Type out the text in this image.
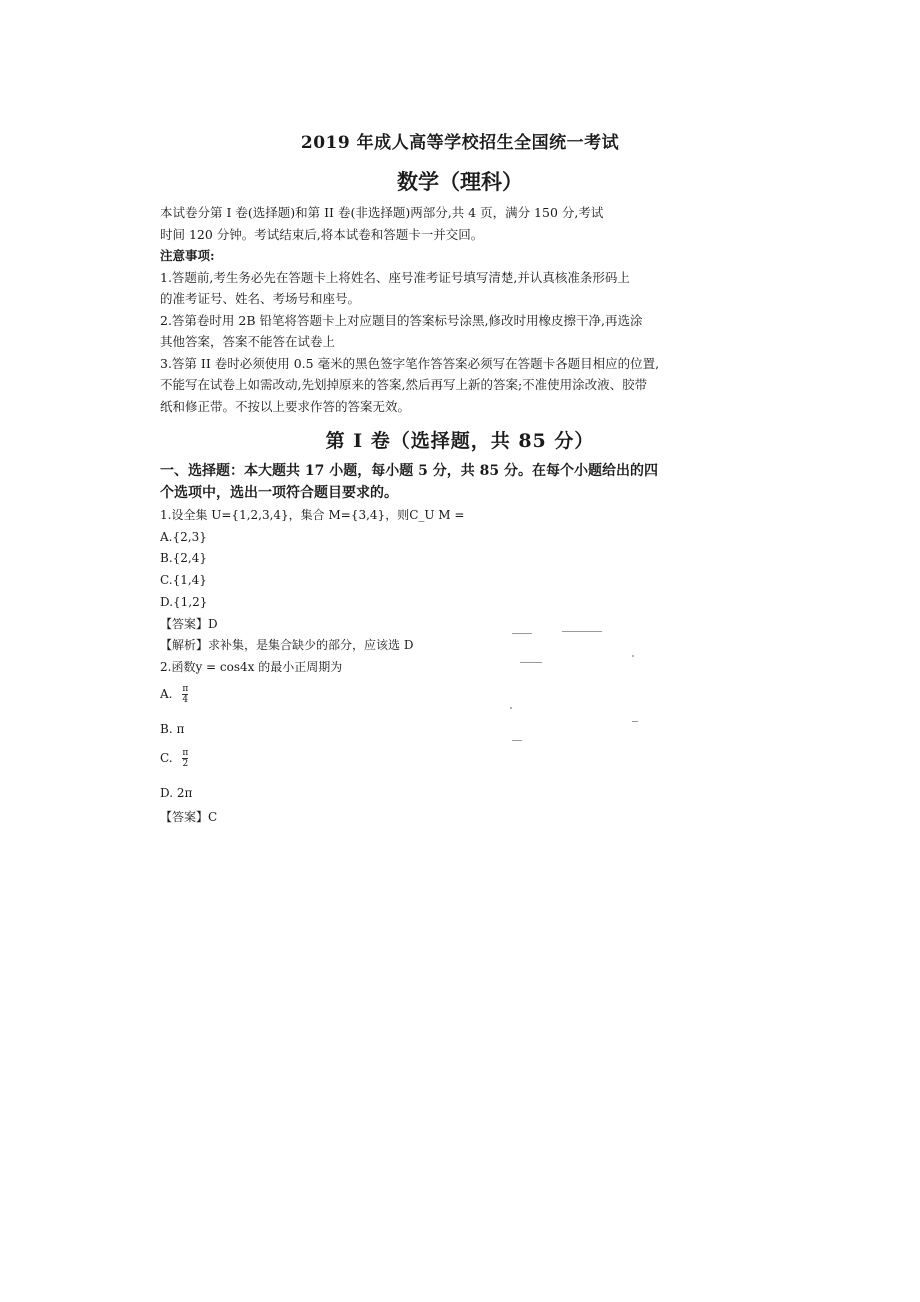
2019 年成人高等学校招生全国统一考试
数学（理科）
本试卷分第 I 卷(选择题)和第 II 卷(非选择题)两部分,共 4 页，满分 150 分,考试
时间 120 分钟。考试结束后,将本试卷和答题卡一并交回。
注意事项:
1.答题前,考生务必先在答题卡上将姓名、座号准考证号填写清楚,并认真核准条形码上
的准考证号、姓名、考场号和座号。
2.答第卷时用 2B 铅笔将答题卡上对应题目的答案标号涂黑,修改时用橡皮擦干净,再选涂
其他答案，答案不能答在试卷上
3.答第 II 卷时必须使用 0.5 毫米的黑色签字笔作答答案必须写在答题卡各题目相应的位置,
不能写在试卷上如需改动,先划掉原来的答案,然后再写上新的答案;不准使用涂改液、胶带
纸和修正带。不按以上要求作答的答案无效。
第 I 卷（选择题，共 85 分）
一、选择题：本大题共 17 小题，每小题 5 分，共 85 分。在每个小题给出的四
个选项中，选出一项符合题目要求的。
1.设全集 U={1,2,3,4}，集合 M={3,4}，则C_U M =
A.{2,3}
B.{2,4}
C.{1,4}
D.{1,2}
【答案】D
【解析】求补集，是集合缺少的部分，应该选 D
2.函数y = cos4x 的最小正周期为
A. $\frac{\pi}{4}$
B. π
C. $\frac{\pi}{2}$
D. 2π
【答案】C
